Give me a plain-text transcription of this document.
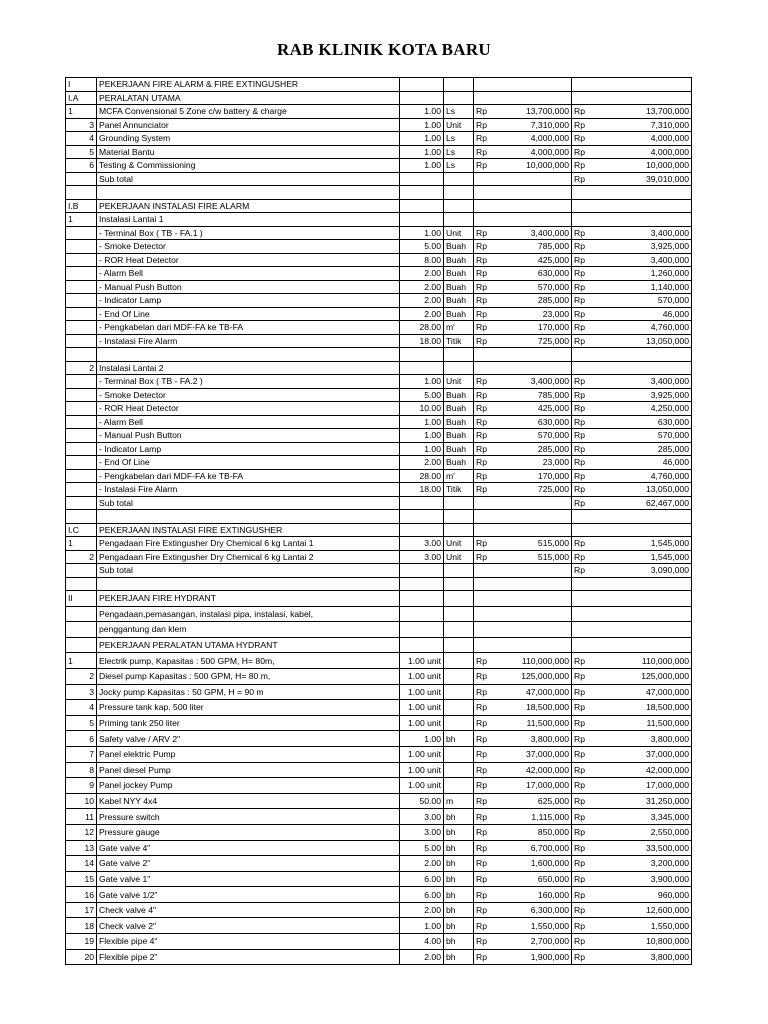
RAB KLINIK KOTA BARU
I	PEKERJAAN FIRE ALARM & FIRE EXTINGUSHER						
I.A	PERALATAN UTAMA						
1	MCFA Convensional 5 Zone c/w battery & charge	1.00	Ls	Rp	13,700,000	Rp	13,700,000
3	Panel Annunciator	1.00	Unit	Rp	7,310,000	Rp	7,310,000
4	Grounding System	1.00	Ls	Rp	4,000,000	Rp	4,000,000
5	Material Bantu	1.00	Ls	Rp	4,000,000	Rp	4,000,000
6	Testing & Commissioning	1.00	Ls	Rp	10,000,000	Rp	10,000,000
	Sub total					Rp	39,010,000

I.B	PEKERJAAN INSTALASI FIRE ALARM						
1	Instalasi Lantai 1						
	- Terminal Box ( TB - FA.1 )	1.00	Unit	Rp	3,400,000	Rp	3,400,000
	- Smoke Detector	5.00	Buah	Rp	785,000	Rp	3,925,000
	- ROR Heat Detector	8.00	Buah	Rp	425,000	Rp	3,400,000
	- Alarm Bell	2.00	Buah	Rp	630,000	Rp	1,260,000
	- Manual Push Button	2.00	Buah	Rp	570,000	Rp	1,140,000
	- Indicator Lamp	2.00	Buah	Rp	285,000	Rp	570,000
	- End Of Line	2.00	Buah	Rp	23,000	Rp	46,000
	- Pengkabelan dari MDF-FA ke TB-FA	28.00	m'	Rp	170,000	Rp	4,760,000
	- Instalasi Fire Alarm	18.00	Titik	Rp	725,000	Rp	13,050,000

2	Instalasi Lantai 2						
	- Terminal Box ( TB - FA.2 )	1.00	Unit	Rp	3,400,000	Rp	3,400,000
	- Smoke Detector	5.00	Buah	Rp	785,000	Rp	3,925,000
	- ROR Heat Detector	10.00	Buah	Rp	425,000	Rp	4,250,000
	- Alarm Bell	1.00	Buah	Rp	630,000	Rp	630,000
	- Manual Push Button	1.00	Buah	Rp	570,000	Rp	570,000
	- Indicator Lamp	1.00	Buah	Rp	285,000	Rp	285,000
	- End Of Line	2.00	Buah	Rp	23,000	Rp	46,000
	- Pengkabelan dari MDF-FA ke TB-FA	28.00	m'	Rp	170,000	Rp	4,760,000
	- Instalasi Fire Alarm	18.00	Titik	Rp	725,000	Rp	13,050,000
	Sub total					Rp	62,467,000

I.C	PEKERJAAN INSTALASI FIRE EXTINGUSHER						
1	Pengadaan Fire Extingusher Dry Chemical 6 kg Lantai 1	3.00	Unit	Rp	515,000	Rp	1,545,000
2	Pengadaan Fire Extingusher Dry Chemical 6 kg Lantai 2	3.00	Unit	Rp	515,000	Rp	1,545,000
	Sub total					Rp	3,090,000

II	PEKERJAAN FIRE HYDRANT						
	Pengadaan,pemasangan, instalasi pipa, instalasi, kabel,						
	penggantung dan klem						
	PEKERJAAN PERALATAN UTAMA HYDRANT						
1	Electrik pump, Kapasitas : 500 GPM, H= 80m,	1.00 unit		Rp	110,000,000	Rp	110,000,000
2	Diesel pump Kapasitas : 500 GPM, H= 80 m,	1.00 unit		Rp	125,000,000	Rp	125,000,000
3	Jocky pump Kapasitas : 50 GPM, H = 90 m	1.00 unit		Rp	47,000,000	Rp	47,000,000
4	Pressure tank kap. 500 liter	1.00 unit		Rp	18,500,000	Rp	18,500,000
5	Priming tank 250 liter	1.00 unit		Rp	11,500,000	Rp	11,500,000
6	Safety valve / ARV 2"	1.00	bh	Rp	3,800,000	Rp	3,800,000
7	Panel elektric Pump	1.00 unit		Rp	37,000,000	Rp	37,000,000
8	Panel diesel Pump	1.00 unit		Rp	42,000,000	Rp	42,000,000
9	Panel jockey Pump	1.00 unit		Rp	17,000,000	Rp	17,000,000
10	Kabel NYY 4x4	50.00	m	Rp	625,000	Rp	31,250,000
11	Pressure switch	3.00	bh	Rp	1,115,000	Rp	3,345,000
12	Pressure gauge	3.00	bh	Rp	850,000	Rp	2,550,000
13	Gate valve 4"	5.00	bh	Rp	6,700,000	Rp	33,500,000
14	Gate valve 2"	2.00	bh	Rp	1,600,000	Rp	3,200,000
15	Gate valve 1"	6.00	bh	Rp	650,000	Rp	3,900,000
16	Gate valve 1/2"	6.00	bh	Rp	160,000	Rp	960,000
17	Check valve 4"	2.00	bh	Rp	6,300,000	Rp	12,600,000
18	Check valve 2"	1.00	bh	Rp	1,550,000	Rp	1,550,000
19	Flexible pipe 4"	4.00	bh	Rp	2,700,000	Rp	10,800,000
20	Flexible pipe 2"	2.00	bh	Rp	1,900,000	Rp	3,800,000
